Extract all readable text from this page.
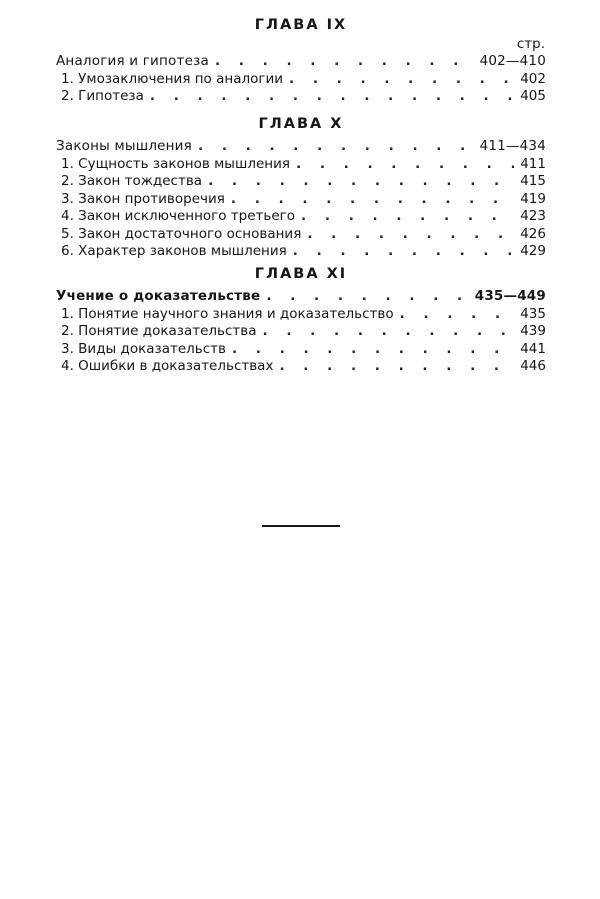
ГЛАВА IX
стр.
Аналогия и гипотеза . . .	402—410
1. Умозаключения по аналогии . . .	402
2. Гипотеза . . .	405
ГЛАВА X
Законы мышления . . .	411—434
1. Сущность законов мышления . . .	411
2. Закон тождества . . .	415
3. Закон противоречия . . .	419
4. Закон исключенного третьего . . .	423
5. Закон достаточного основания . . .	426
6. Характер законов мышления . . .	429
ГЛАВА XI
Учение о доказательстве . . .	435—449
1. Понятие научного знания и доказательство . . .	435
2. Понятие доказательства . . .	439
3. Виды доказательств . . .	441
4. Ошибки в доказательствах . . .	446
